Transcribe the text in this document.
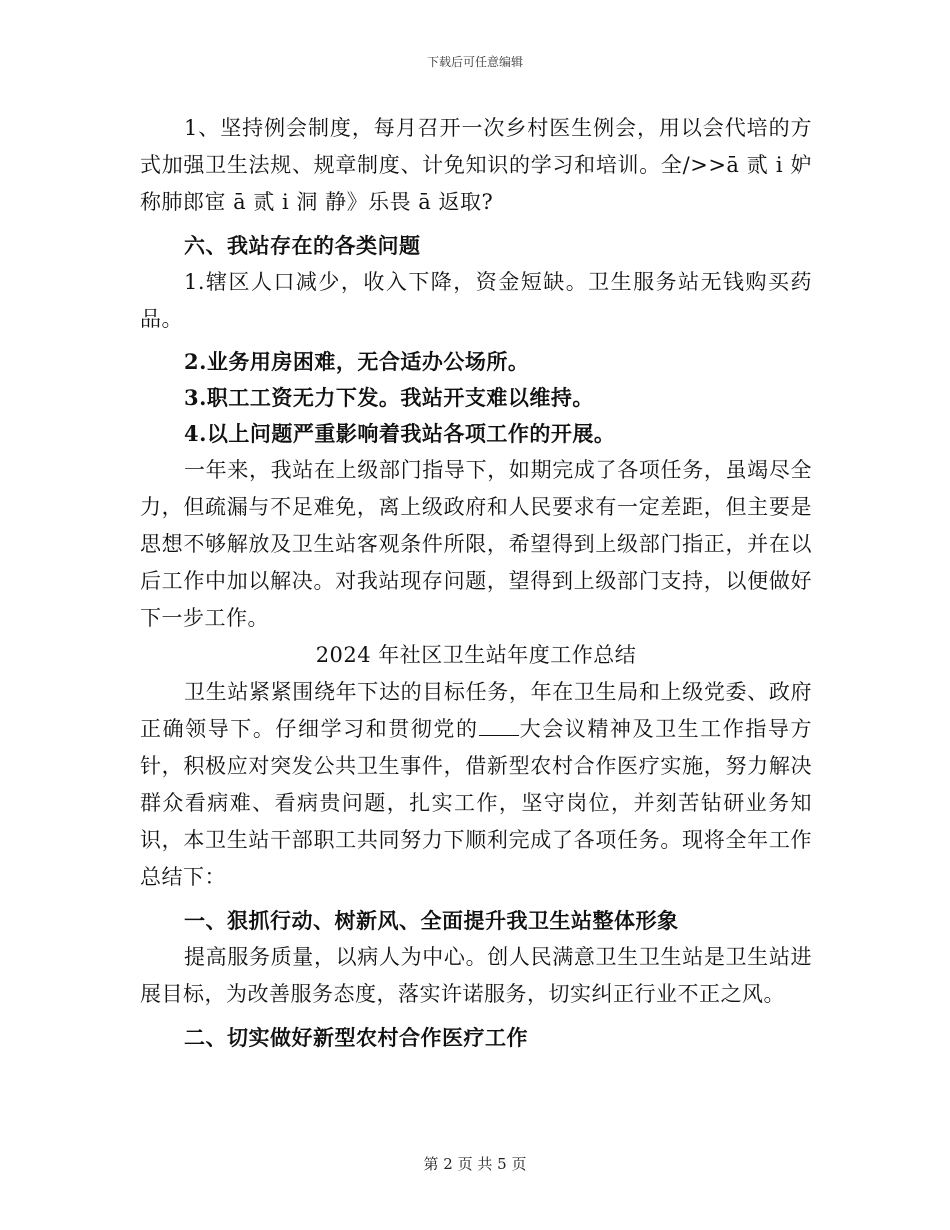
下载后可任意编辑

1、坚持例会制度，每月召开一次乡村医生例会，用以会代培的方式加强卫生法规、规章制度、计免知识的学习和培训。全/>>ā 贰 i 妒称肺郎宦 ā 贰 i 洞 静》乐畏 ā 返取?

六、我站存在的各类问题

1.辖区人口减少，收入下降，资金短缺。卫生服务站无钱购买药品。

2.业务用房困难，无合适办公场所。

3.职工工资无力下发。我站开支难以维持。

4.以上问题严重影响着我站各项工作的开展。

一年来，我站在上级部门指导下，如期完成了各项任务，虽竭尽全力，但疏漏与不足难免，离上级政府和人民要求有一定差距，但主要是思想不够解放及卫生站客观条件所限，希望得到上级部门指正，并在以后工作中加以解决。对我站现存问题，望得到上级部门支持，以便做好下一步工作。

2024 年社区卫生站年度工作总结

卫生站紧紧围绕年下达的目标任务，年在卫生局和上级党委、政府正确领导下。仔细学习和贯彻党的 大会议精神及卫生工作指导方针，积极应对突发公共卫生事件，借新型农村合作医疗实施，努力解决群众看病难、看病贵问题，扎实工作，坚守岗位，并刻苦钻研业务知识，本卫生站干部职工共同努力下顺利完成了各项任务。现将全年工作总结下：

一、狠抓行动、树新风、全面提升我卫生站整体形象

提高服务质量，以病人为中心。创人民满意卫生卫生站是卫生站进展目标，为改善服务态度，落实许诺服务，切实纠正行业不正之风。

二、切实做好新型农村合作医疗工作

第 2 页 共 5 页
